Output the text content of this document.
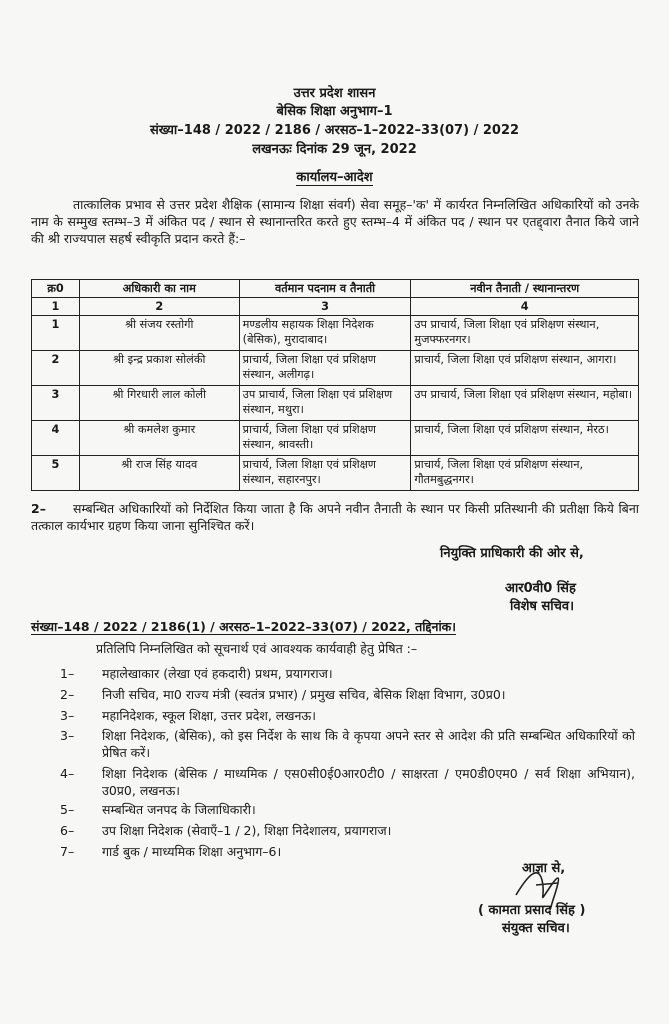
उत्तर प्रदेश शासन
बेसिक शिक्षा अनुभाग–1
संख्या–148 / 2022 / 2186 / अरसठ–1–2022–33(07) / 2022
लखनऊः दिनांक 29 जून, 2022
कार्यालय–आदेश
तात्कालिक प्रभाव से उत्तर प्रदेश शैक्षिक (सामान्य शिक्षा संवर्ग) सेवा समूह–'क' में कार्यरत निम्नलिखित अधिकारियों को उनके नाम के सम्मुख स्तम्भ–3 में अंकित पद / स्थान से स्थानान्तरित करते हुए स्तम्भ–4 में अंकित पद / स्थान पर एतद्द्वारा तैनात किये जाने की श्री राज्यपाल सहर्ष स्वीकृति प्रदान करते हैं:–
क्र0	अधिकारी का नाम	वर्तमान पदनाम व तैनाती	नवीन तैनाती / स्थानान्तरण
1	2	3	4
1	श्री संजय रस्तोगी	मण्डलीय सहायक शिक्षा निदेशक (बेसिक), मुरादाबाद।	उप प्राचार्य, जिला शिक्षा एवं प्रशिक्षण संस्थान, मुजफ्फरनगर।
2	श्री इन्द्र प्रकाश सोलंकी	प्राचार्य, जिला शिक्षा एवं प्रशिक्षण संस्थान, अलीगढ़।	प्राचार्य, जिला शिक्षा एवं प्रशिक्षण संस्थान, आगरा।
3	श्री गिरधारी लाल कोली	उप प्राचार्य, जिला शिक्षा एवं प्रशिक्षण संस्थान, मथुरा।	उप प्राचार्य, जिला शिक्षा एवं प्रशिक्षण संस्थान, महोबा।
4	श्री कमलेश कुमार	प्राचार्य, जिला शिक्षा एवं प्रशिक्षण संस्थान, श्रावस्ती।	प्राचार्य, जिला शिक्षा एवं प्रशिक्षण संस्थान, मेरठ।
5	श्री राज सिंह यादव	प्राचार्य, जिला शिक्षा एवं प्रशिक्षण संस्थान, सहारनपुर।	प्राचार्य, जिला शिक्षा एवं प्रशिक्षण संस्थान, गौतमबुद्धनगर।
2– सम्बन्धित अधिकारियों को निर्देशित किया जाता है कि अपने नवीन तैनाती के स्थान पर किसी प्रतिस्थानी की प्रतीक्षा किये बिना तत्काल कार्यभार ग्रहण किया जाना सुनिश्चित करें।
नियुक्ति प्राधिकारी की ओर से,
आर0वी0 सिंह
विशेष सचिव।
संख्या–148 / 2022 / 2186(1) / अरसठ–1–2022–33(07) / 2022, तद्दिनांक।
प्रतिलिपि निम्नलिखित को सूचनार्थ एवं आवश्यक कार्यवाही हेतु प्रेषित :–
1–	महालेखाकार (लेखा एवं हकदारी) प्रथम, प्रयागराज।
2–	निजी सचिव, मा0 राज्य मंत्री (स्वतंत्र प्रभार) / प्रमुख सचिव, बेसिक शिक्षा विभाग, उ0प्र0।
3–	महानिदेशक, स्कूल शिक्षा, उत्तर प्रदेश, लखनऊ।
3–	शिक्षा निदेशक, (बेसिक), को इस निर्देश के साथ कि वे कृपया अपने स्तर से आदेश की प्रति सम्बन्धित अधिकारियों को प्रेषित करें।
4–	शिक्षा निदेशक (बेसिक / माध्यमिक / एस0सी0ई0आर0टी0 / साक्षरता / एम0डी0एम0 / सर्व शिक्षा अभियान), उ0प्र0, लखनऊ।
5–	सम्बन्धित जनपद के जिलाधिकारी।
6–	उप शिक्षा निदेशक (सेवाएँ–1 / 2), शिक्षा निदेशालय, प्रयागराज।
7–	गार्ड बुक / माध्यमिक शिक्षा अनुभाग–6।
आज्ञा से,
( कामता प्रसाद सिंह )
संयुक्त सचिव।
